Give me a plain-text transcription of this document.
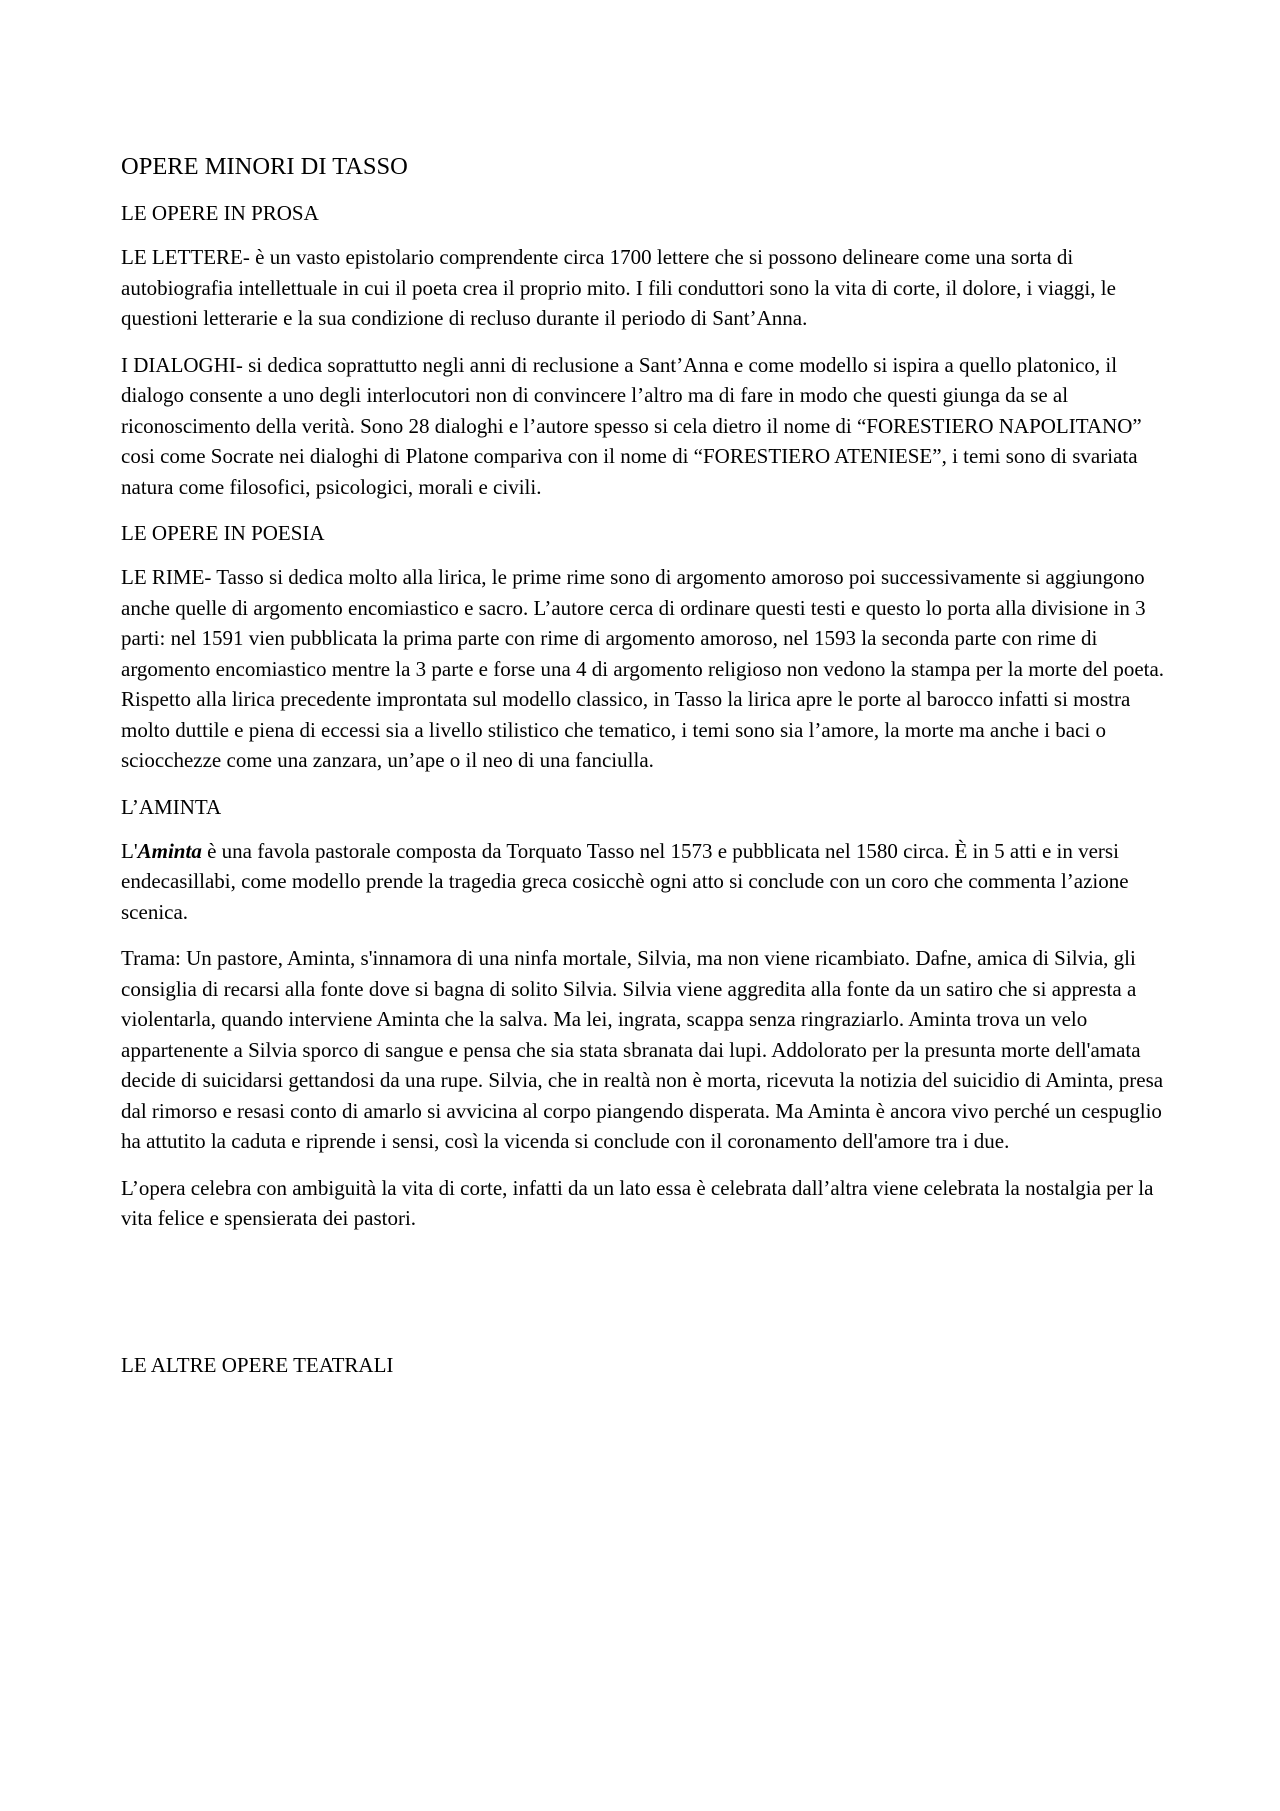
OPERE MINORI DI TASSO
LE OPERE IN PROSA

LE LETTERE- è un vasto epistolario comprendente circa 1700 lettere che si possono delineare come una sorta di autobiografia intellettuale in cui il poeta crea il proprio mito. I fili conduttori sono la vita di corte, il dolore, i viaggi, le questioni letterarie e la sua condizione di recluso durante il periodo di Sant’Anna.

I DIALOGHI- si dedica soprattutto negli anni di reclusione a Sant’Anna e come modello si ispira a quello platonico, il dialogo consente a uno degli interlocutori non di convincere l’altro ma di fare in modo che questi giunga da se al riconoscimento della verità. Sono 28 dialoghi e l’autore spesso si cela dietro il nome di “FORESTIERO NAPOLITANO” cosi come Socrate nei dialoghi di Platone compariva con il nome di “FORESTIERO ATENIESE”, i temi sono di svariata natura come filosofici, psicologici, morali e civili.

LE OPERE IN POESIA

LE RIME- Tasso si dedica molto alla lirica, le prime rime sono di argomento amoroso poi successivamente si aggiungono anche quelle di argomento encomiastico e sacro. L’autore cerca di ordinare questi testi e questo lo porta alla divisione in 3 parti: nel 1591 vien pubblicata la prima parte con rime di argomento amoroso, nel 1593 la seconda parte con rime di argomento encomiastico mentre la 3 parte e forse una 4 di argomento religioso non vedono la stampa per la morte del poeta. Rispetto alla lirica precedente improntata sul modello classico, in Tasso la lirica apre le porte al barocco infatti si mostra molto duttile e piena di eccessi sia a livello stilistico che tematico, i temi sono sia l’amore, la morte ma anche i baci o sciocchezze come una zanzara, un’ape o il neo di una fanciulla.

L’AMINTA

L'Aminta è una favola pastorale composta da Torquato Tasso nel 1573 e pubblicata nel 1580 circa. È in 5 atti e in versi endecasillabi, come modello prende la tragedia greca cosicchè ogni atto si conclude con un coro che commenta l’azione scenica.

Trama: Un pastore, Aminta, s'innamora di una ninfa mortale, Silvia, ma non viene ricambiato. Dafne, amica di Silvia, gli consiglia di recarsi alla fonte dove si bagna di solito Silvia. Silvia viene aggredita alla fonte da un satiro che si appresta a violentarla, quando interviene Aminta che la salva. Ma lei, ingrata, scappa senza ringraziarlo. Aminta trova un velo appartenente a Silvia sporco di sangue e pensa che sia stata sbranata dai lupi. Addolorato per la presunta morte dell'amata decide di suicidarsi gettandosi da una rupe. Silvia, che in realtà non è morta, ricevuta la notizia del suicidio di Aminta, presa dal rimorso e resasi conto di amarlo si avvicina al corpo piangendo disperata. Ma Aminta è ancora vivo perché un cespuglio ha attutito la caduta e riprende i sensi, così la vicenda si conclude con il coronamento dell'amore tra i due.

L’opera celebra con ambiguità la vita di corte, infatti da un lato essa è celebrata dall’altra viene celebrata la nostalgia per la vita felice e spensierata dei pastori.

LE ALTRE OPERE TEATRALI
